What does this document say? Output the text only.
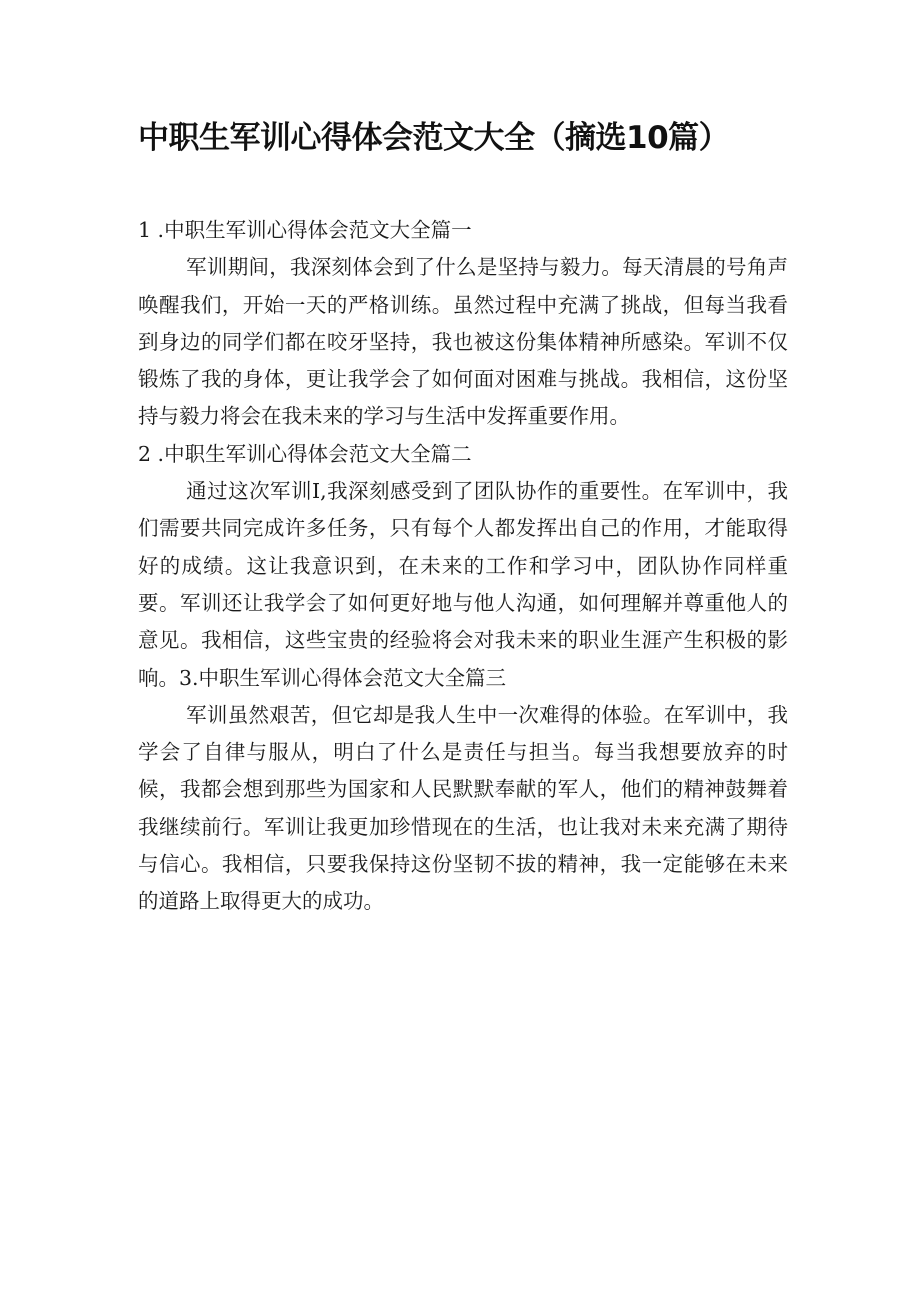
中职生军训心得体会范文大全（摘选10篇）
1 .中职生军训心得体会范文大全篇一

军训期间，我深刻体会到了什么是坚持与毅力。每天清晨的号角声唤醒我们，开始一天的严格训练。虽然过程中充满了挑战，但每当我看到身边的同学们都在咬牙坚持，我也被这份集体精神所感染。军训不仅锻炼了我的身体，更让我学会了如何面对困难与挑战。我相信，这份坚持与毅力将会在我未来的学习与生活中发挥重要作用。

2 .中职生军训心得体会范文大全篇二

通过这次军训I,我深刻感受到了团队协作的重要性。在军训中，我们需要共同完成许多任务，只有每个人都发挥出自己的作用，才能取得好的成绩。这让我意识到，在未来的工作和学习中，团队协作同样重要。军训还让我学会了如何更好地与他人沟通，如何理解并尊重他人的意见。我相信，这些宝贵的经验将会对我未来的职业生涯产生积极的影响。3.中职生军训心得体会范文大全篇三

军训虽然艰苦，但它却是我人生中一次难得的体验。在军训中，我学会了自律与服从，明白了什么是责任与担当。每当我想要放弃的时候，我都会想到那些为国家和人民默默奉献的军人，他们的精神鼓舞着我继续前行。军训让我更加珍惜现在的生活，也让我对未来充满了期待与信心。我相信，只要我保持这份坚韧不拔的精神，我一定能够在未来的道路上取得更大的成功。
